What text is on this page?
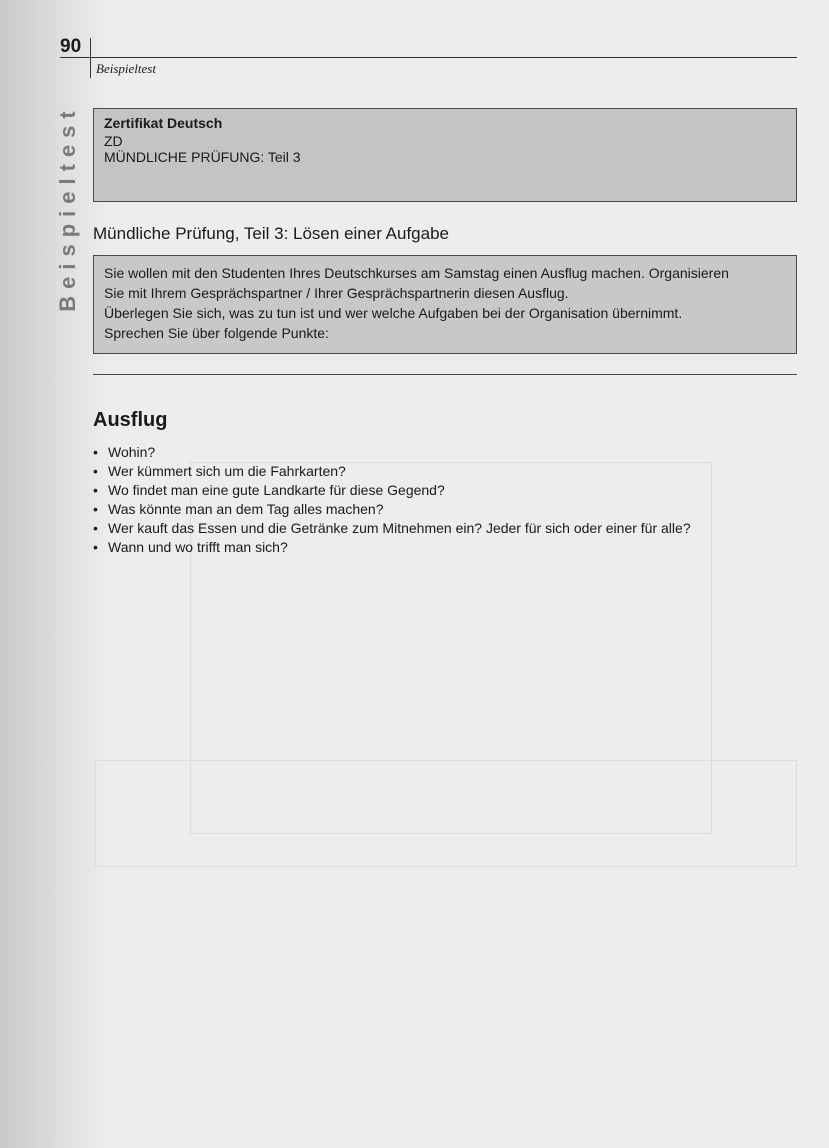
90
Beispieltest
Beispieltest Zertifikat Deutsch
ZD
MÜNDLICHE PRÜFUNG: Teil 3
Mündliche Prüfung, Teil 3: Lösen einer Aufgabe

Sie wollen mit den Studenten Ihres Deutschkurses am Samstag einen Ausflug machen. Organisieren

Sie mit Ihrem Gesprächspartner / Ihrer Gesprächspartnerin diesen Ausflug.

Überlegen Sie sich, was zu tun ist und wer welche Aufgaben bei der Organisation übernimmt.

Sprechen Sie über folgende Punkte:

Ausflug
• Wohin?
• Wer kümmert sich um die Fahrkarten?
• Wo findet man eine gute Landkarte für diese Gegend?
• Was könnte man an dem Tag alles machen?
• Wer kauft das Essen und die Getränke zum Mitnehmen ein? Jeder für sich oder einer für alle?
• Wann und wo trifft man sich?
